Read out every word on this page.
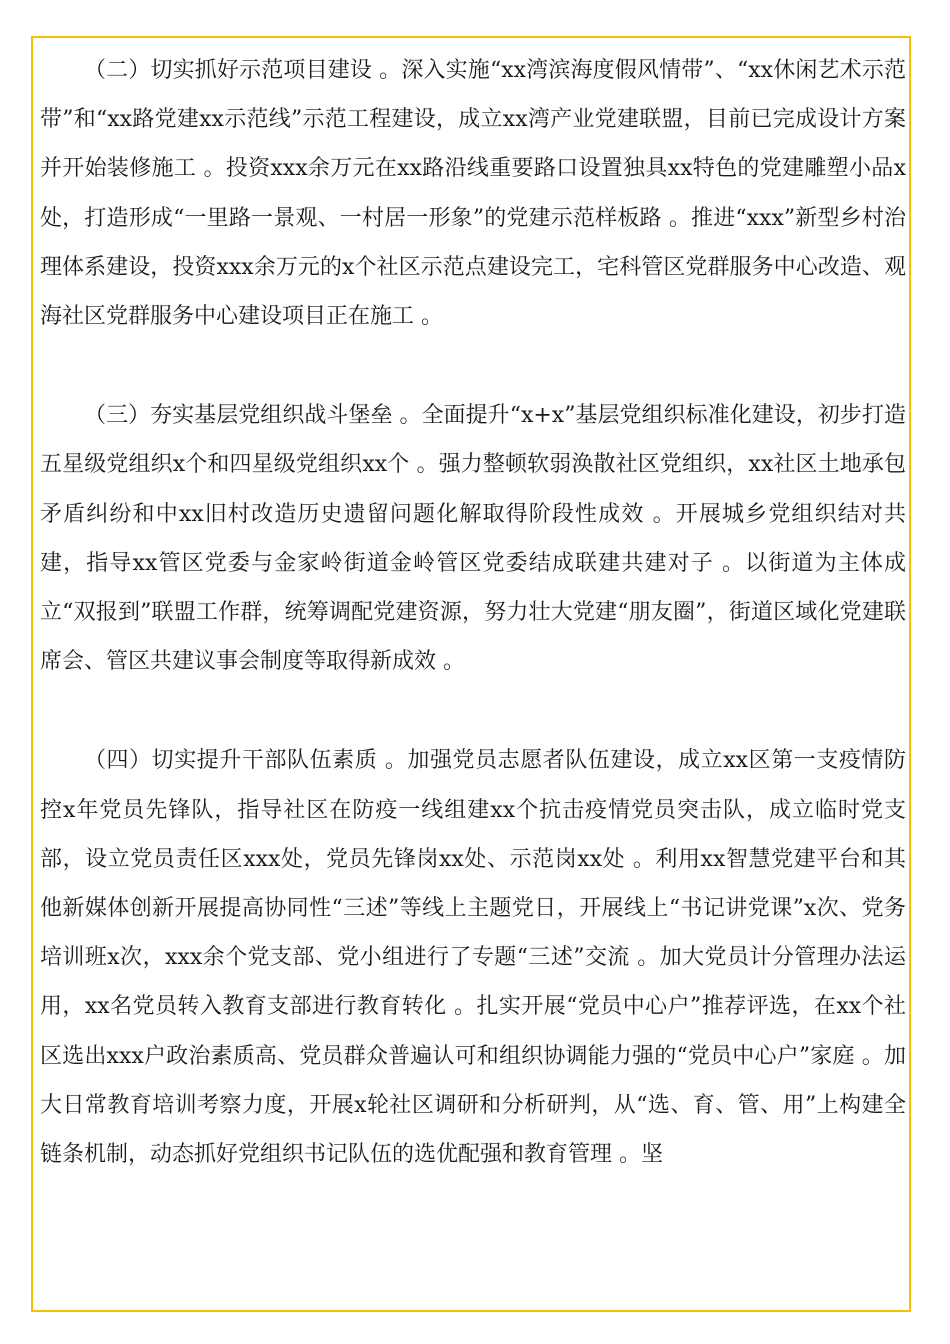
（二）切实抓好示范项目建设 。深入实施“xx湾滨海度假风情带”、“xx休闲艺术示范带”和“xx路党建xx示范线”示范工程建设，成立xx湾产业党建联盟，目前已完成设计方案并开始装修施工 。投资xxx余万元在xx路沿线重要路口设置独具xx特色的党建雕塑小品x处，打造形成“一里路一景观、一村居一形象”的党建示范样板路 。推进“xxx”新型乡村治理体系建设，投资xxx余万元的x个社区示范点建设完工，宅科管区党群服务中心改造、观海社区党群服务中心建设项目正在施工 。

（三）夯实基层党组织战斗堡垒 。全面提升“x+x”基层党组织标准化建设，初步打造五星级党组织x个和四星级党组织xx个 。强力整顿软弱涣散社区党组织，xx社区土地承包矛盾纠纷和中xx旧村改造历史遗留问题化解取得阶段性成效 。开展城乡党组织结对共建，指导xx管区党委与金家岭街道金岭管区党委结成联建共建对子 。以街道为主体成立“双报到”联盟工作群，统筹调配党建资源，努力壮大党建“朋友圈”，街道区域化党建联席会、管区共建议事会制度等取得新成效 。

（四）切实提升干部队伍素质 。加强党员志愿者队伍建设，成立xx区第一支疫情防控x年党员先锋队，指导社区在防疫一线组建xx个抗击疫情党员突击队，成立临时党支部，设立党员责任区xxx处，党员先锋岗xx处、示范岗xx处 。利用xx智慧党建平台和其他新媒体创新开展提高协同性“三述”等线上主题党日，开展线上“书记讲党课”x次、党务培训班x次，xxx余个党支部、党小组进行了专题“三述”交流 。加大党员计分管理办法运用，xx名党员转入教育支部进行教育转化 。扎实开展“党员中心户”推荐评选，在xx个社区选出xxx户政治素质高、党员群众普遍认可和组织协调能力强的“党员中心户”家庭 。加大日常教育培训考察力度，开展x轮社区调研和分析研判，从“选、育、管、用”上构建全链条机制，动态抓好党组织书记队伍的选优配强和教育管理 。坚
